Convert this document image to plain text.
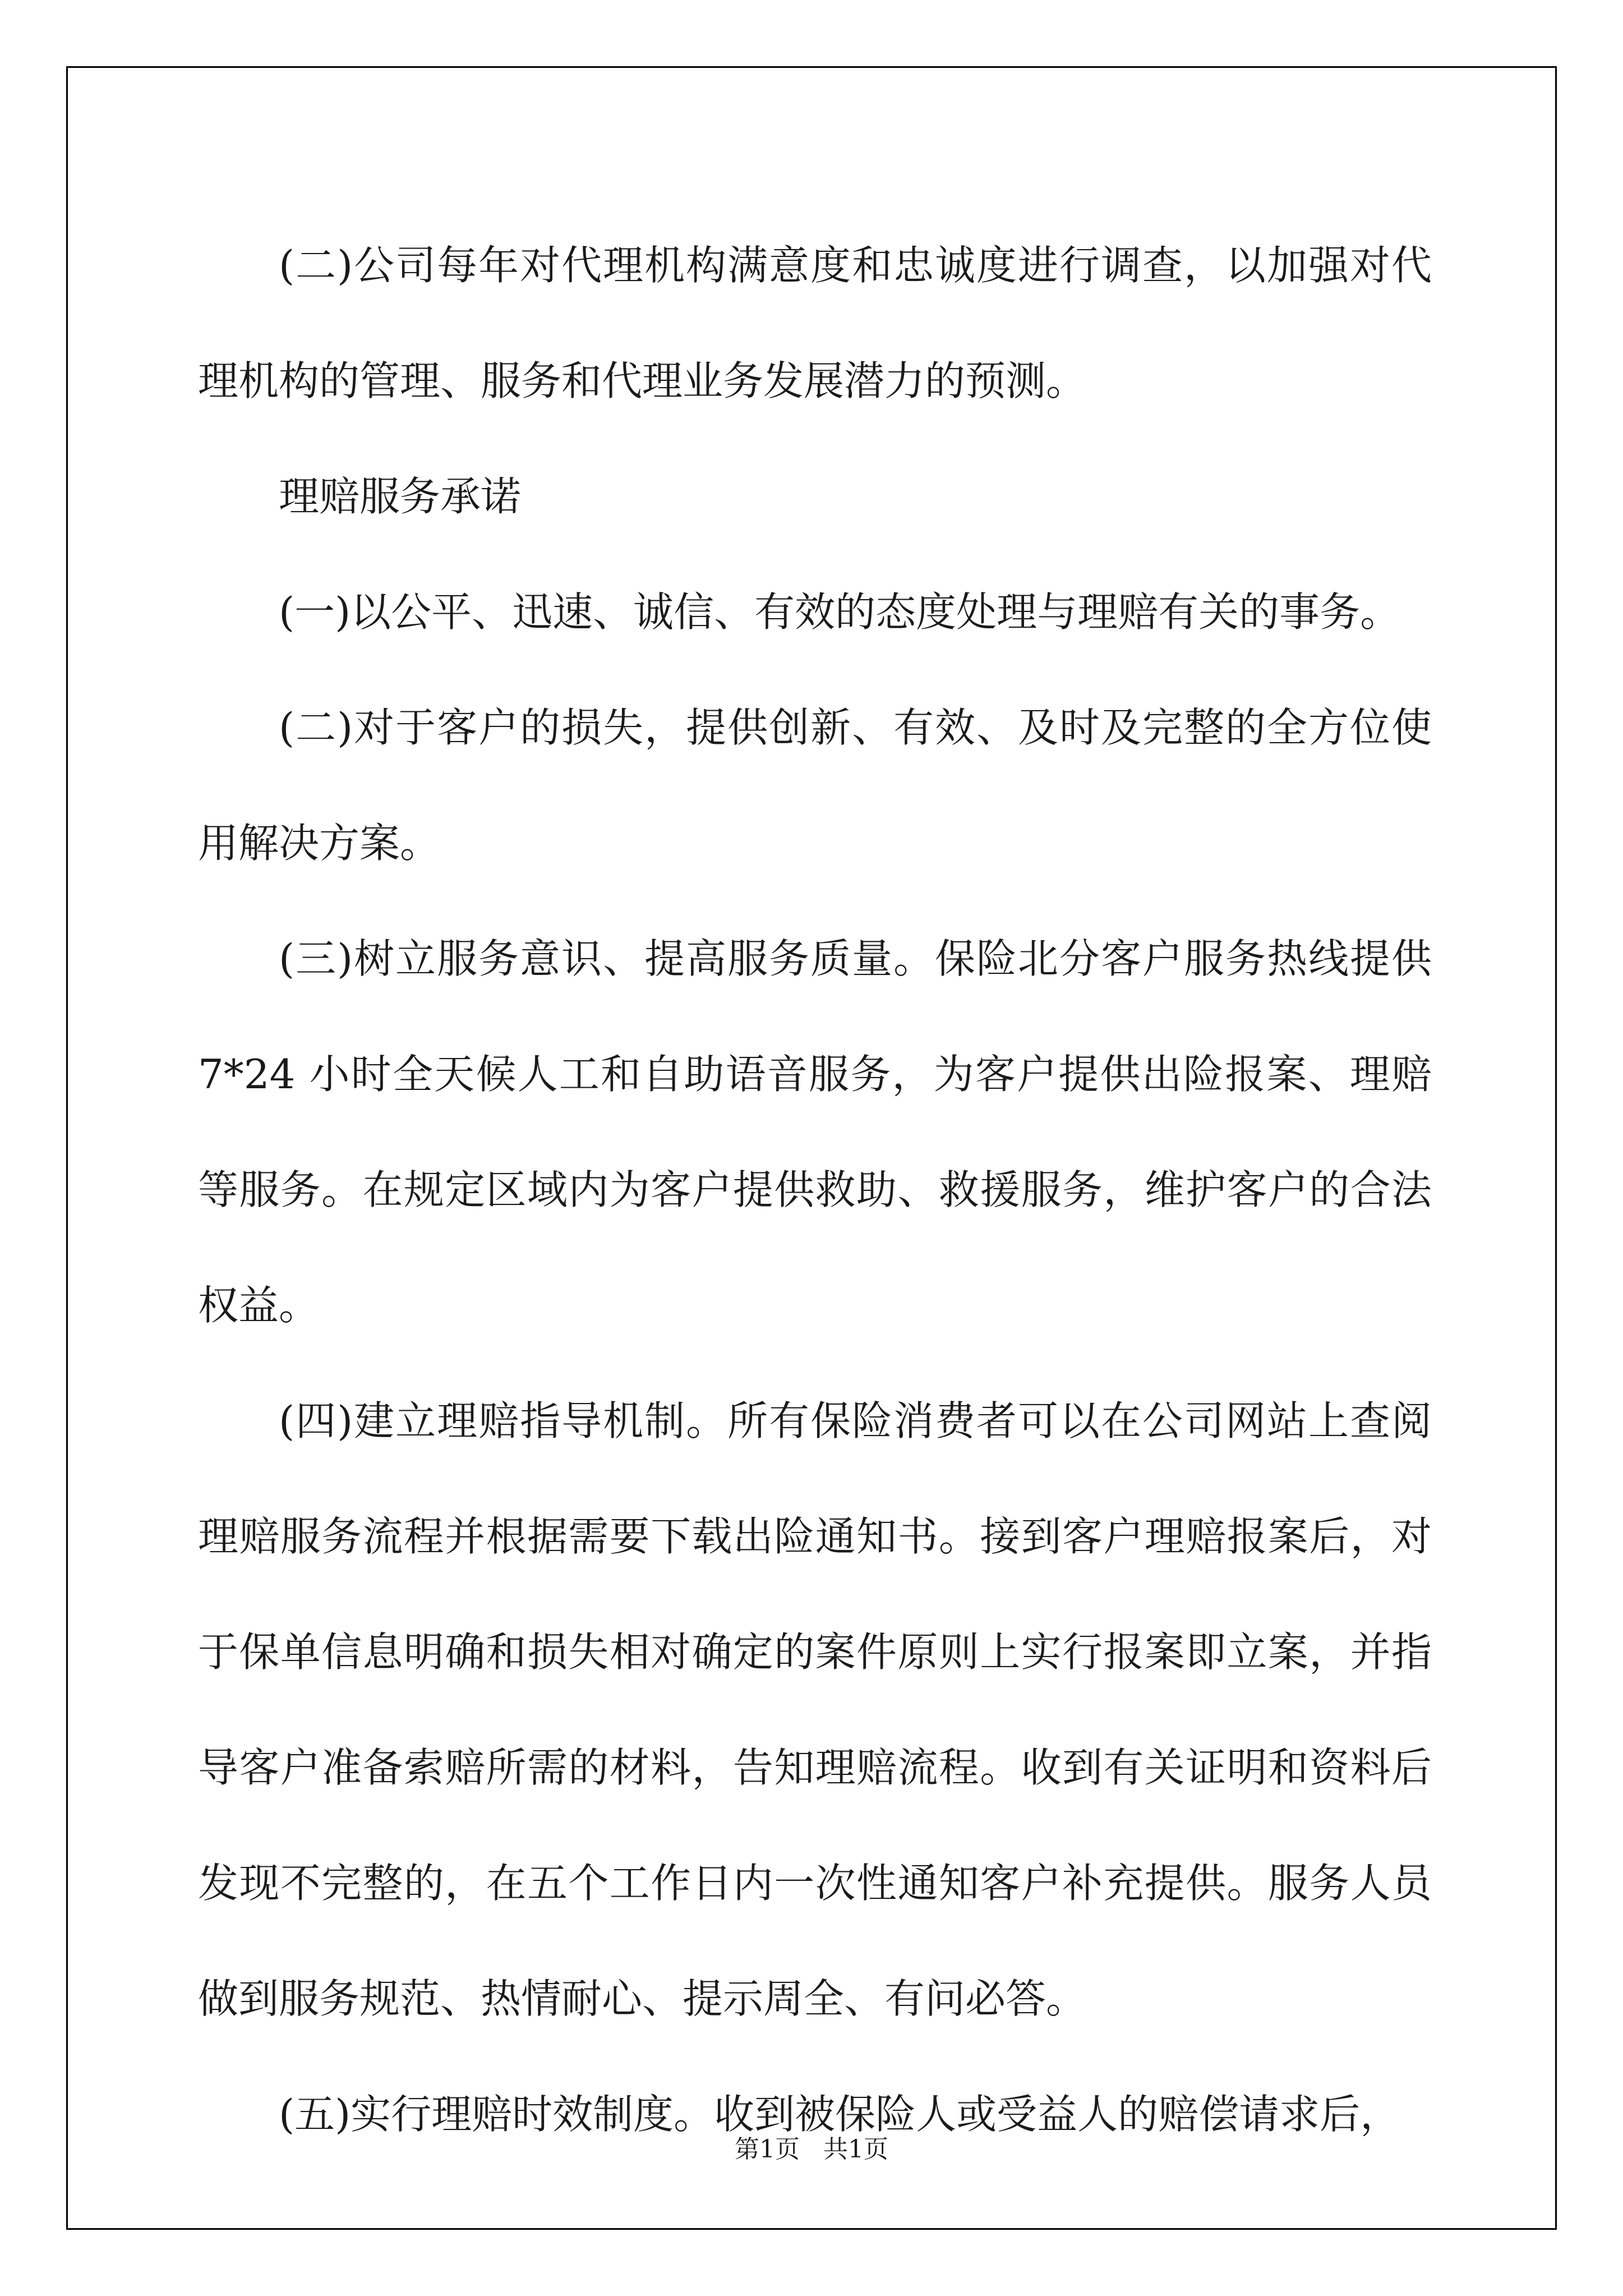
(二)公司每年对代理机构满意度和忠诚度进行调查，以加强对代理机构的管理、服务和代理业务发展潜力的预测。

理赔服务承诺

(一)以公平、迅速、诚信、有效的态度处理与理赔有关的事务。

(二)对于客户的损失，提供创新、有效、及时及完整的全方位使用解决方案。

(三)树立服务意识、提高服务质量。保险北分客户服务热线提供7*24 小时全天候人工和自助语音服务，为客户提供出险报案、理赔等服务。在规定区域内为客户提供救助、救援服务，维护客户的合法权益。

(四)建立理赔指导机制。所有保险消费者可以在公司网站上查阅理赔服务流程并根据需要下载出险通知书。接到客户理赔报案后，对于保单信息明确和损失相对确定的案件原则上实行报案即立案，并指导客户准备索赔所需的材料，告知理赔流程。收到有关证明和资料后发现不完整的，在五个工作日内一次性通知客户补充提供。服务人员做到服务规范、热情耐心、提示周全、有问必答。

(五)实行理赔时效制度。收到被保险人或受益人的赔偿请求后，

第1页   共1页
